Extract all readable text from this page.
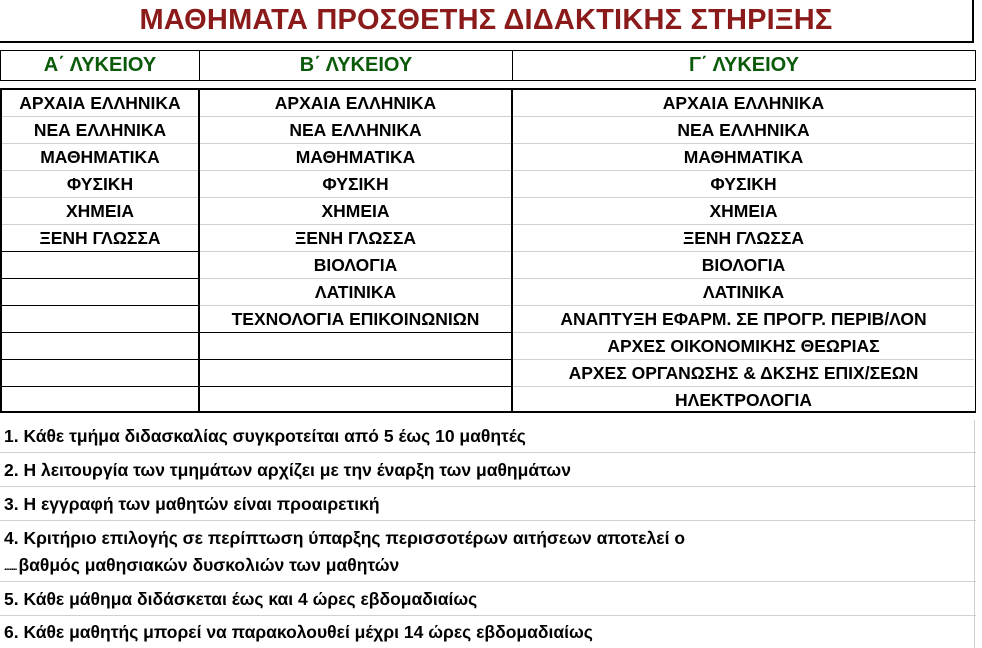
ΜΑΘΗΜΑΤΑ ΠΡΟΣΘΕΤΗΣ ΔΙΔΑΚΤΙΚΗΣ ΣΤΗΡΙΞΗΣ
Α΄ ΛΥΚΕΙΟΥ	Β΄ ΛΥΚΕΙΟΥ	Γ΄ ΛΥΚΕΙΟΥ
ΑΡΧΑΙΑ ΕΛΛΗΝΙΚΑ
ΝΕΑ ΕΛΛΗΝΙΚΑ
ΜΑΘΗΜΑΤΙΚΑ
ΦΥΣΙΚΗ
ΧΗΜΕΙΑ
ΞΕΝΗ ΓΛΩΣΣΑ
ΑΡΧΑΙΑ ΕΛΛΗΝΙΚΑ
ΝΕΑ ΕΛΛΗΝΙΚΑ
ΜΑΘΗΜΑΤΙΚΑ
ΦΥΣΙΚΗ
ΧΗΜΕΙΑ
ΞΕΝΗ ΓΛΩΣΣΑ
ΒΙΟΛΟΓΙΑ
ΛΑΤΙΝΙΚΑ
ΤΕΧΝΟΛΟΓΙΑ ΕΠΙΚΟΙΝΩΝΙΩΝ
ΑΡΧΑΙΑ ΕΛΛΗΝΙΚΑ
ΝΕΑ ΕΛΛΗΝΙΚΑ
ΜΑΘΗΜΑΤΙΚΑ
ΦΥΣΙΚΗ
ΧΗΜΕΙΑ
ΞΕΝΗ ΓΛΩΣΣΑ
ΒΙΟΛΟΓΙΑ
ΛΑΤΙΝΙΚΑ
ΑΝΑΠΤΥΞΗ ΕΦΑΡΜ. ΣΕ ΠΡΟΓΡ. ΠΕΡΙΒ/ΛΟΝ
ΑΡΧΕΣ ΟΙΚΟΝΟΜΙΚΗΣ ΘΕΩΡΙΑΣ
ΑΡΧΕΣ ΟΡΓΑΝΩΣΗΣ & ΔΚΣΗΣ ΕΠΙΧ/ΣΕΩΝ
ΗΛΕΚΤΡΟΛΟΓΙΑ
1. Κάθε τμήμα διδασκαλίας συγκροτείται από 5 έως 10 μαθητές
2. Η λειτουργία των τμημάτων αρχίζει με την έναρξη των μαθημάτων
3. Η εγγραφή των μαθητών είναι προαιρετική
4. Κριτήριο επιλογής σε περίπτωση ύπαρξης περισσοτέρων αιτήσεων αποτελεί ο
....... βαθμός μαθησιακών δυσκολιών των μαθητών
5. Κάθε μάθημα διδάσκεται έως και 4 ώρες εβδομαδιαίως
6. Κάθε μαθητής μπορεί να παρακολουθεί μέχρι 14 ώρες εβδομαδιαίως
